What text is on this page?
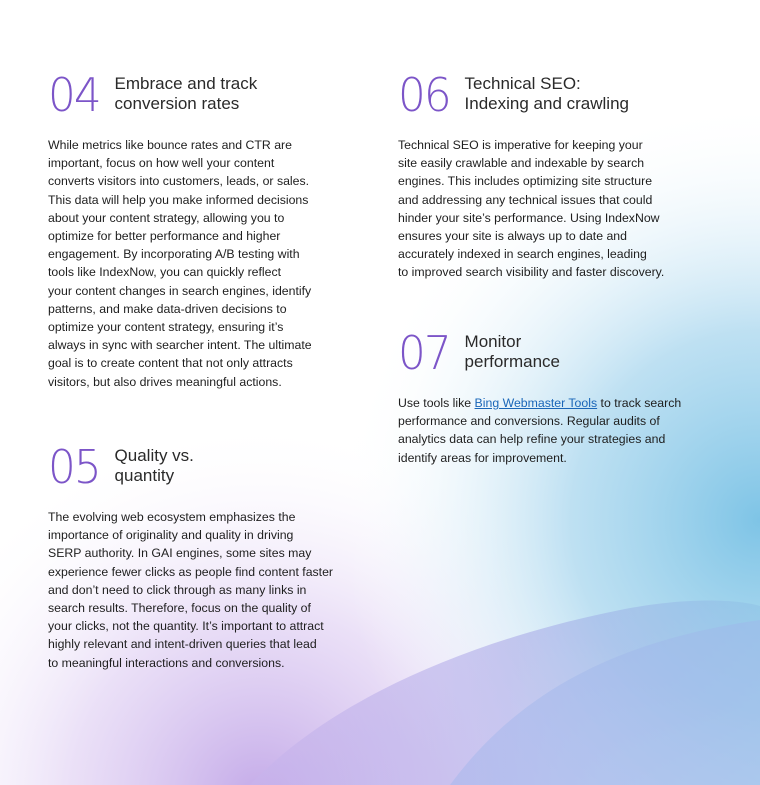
04 Embrace and track
conversion rates
While metrics like bounce rates and CTR are
important, focus on how well your content
converts visitors into customers, leads, or sales.
This data will help you make informed decisions
about your content strategy, allowing you to
optimize for better performance and higher
engagement. By incorporating A/B testing with
tools like IndexNow, you can quickly reflect
your content changes in search engines, identify
patterns, and make data-driven decisions to
optimize your content strategy, ensuring it’s
always in sync with searcher intent. The ultimate
goal is to create content that not only attracts
visitors, but also drives meaningful actions.
05 Quality vs.
quantity
The evolving web ecosystem emphasizes the
importance of originality and quality in driving
SERP authority. In GAI engines, some sites may
experience fewer clicks as people find content faster
and don’t need to click through as many links in
search results. Therefore, focus on the quality of
your clicks, not the quantity. It’s important to attract
highly relevant and intent-driven queries that lead
to meaningful interactions and conversions.
06 Technical SEO:
Indexing and crawling
Technical SEO is imperative for keeping your
site easily crawlable and indexable by search
engines. This includes optimizing site structure
and addressing any technical issues that could
hinder your site’s performance. Using IndexNow
ensures your site is always up to date and
accurately indexed in search engines, leading
to improved search visibility and faster discovery.
07 Monitor
performance
Use tools like Bing Webmaster Tools to track search
performance and conversions. Regular audits of
analytics data can help refine your strategies and
identify areas for improvement.
